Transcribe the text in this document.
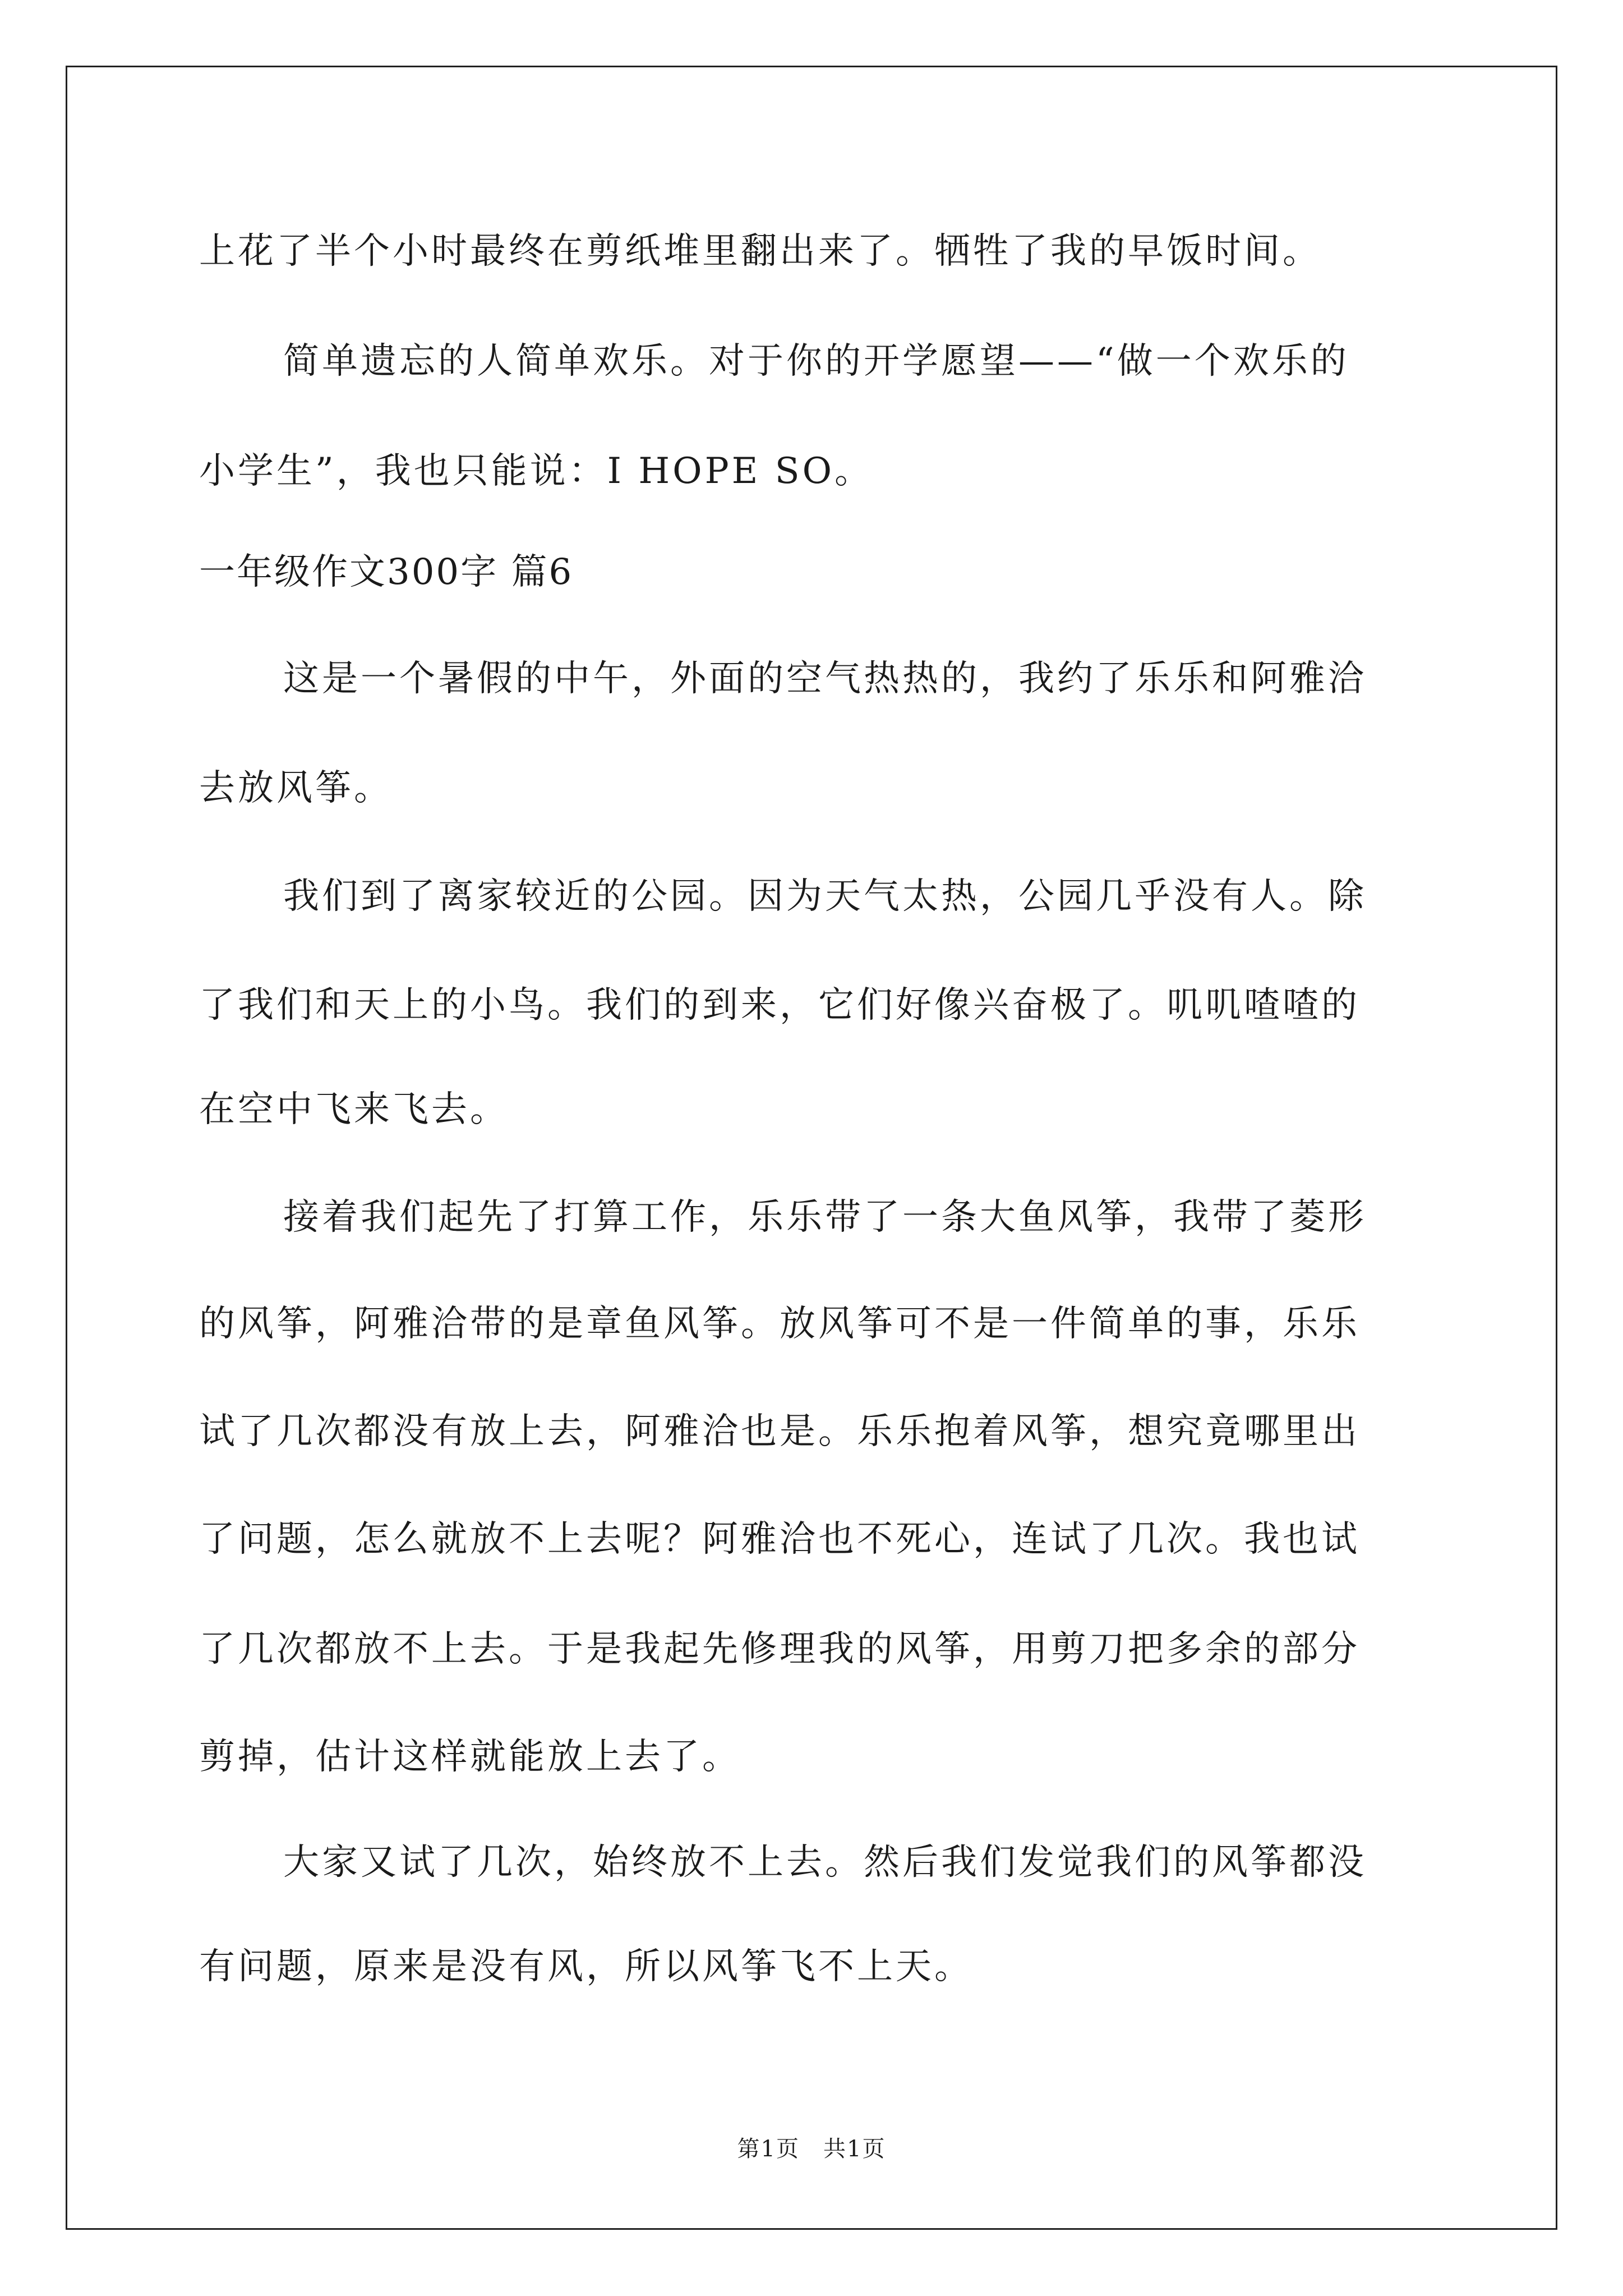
上花了半个小时最终在剪纸堆里翻出来了。牺牲了我的早饭时间。
简单遗忘的人简单欢乐。对于你的开学愿望——“做一个欢乐的
小学生”，我也只能说：I HOPE SO。
一年级作文300字 篇6
这是一个暑假的中午，外面的空气热热的，我约了乐乐和阿雅洽
去放风筝。
我们到了离家较近的公园。因为天气太热，公园几乎没有人。除
了我们和天上的小鸟。我们的到来，它们好像兴奋极了。叽叽喳喳的
在空中飞来飞去。
接着我们起先了打算工作，乐乐带了一条大鱼风筝，我带了菱形
的风筝，阿雅洽带的是章鱼风筝。放风筝可不是一件简单的事，乐乐
试了几次都没有放上去，阿雅洽也是。乐乐抱着风筝，想究竟哪里出
了问题，怎么就放不上去呢？阿雅洽也不死心，连试了几次。我也试
了几次都放不上去。于是我起先修理我的风筝，用剪刀把多余的部分
剪掉，估计这样就能放上去了。
大家又试了几次，始终放不上去。然后我们发觉我们的风筝都没
有问题，原来是没有风，所以风筝飞不上天。
第1页　共1页
